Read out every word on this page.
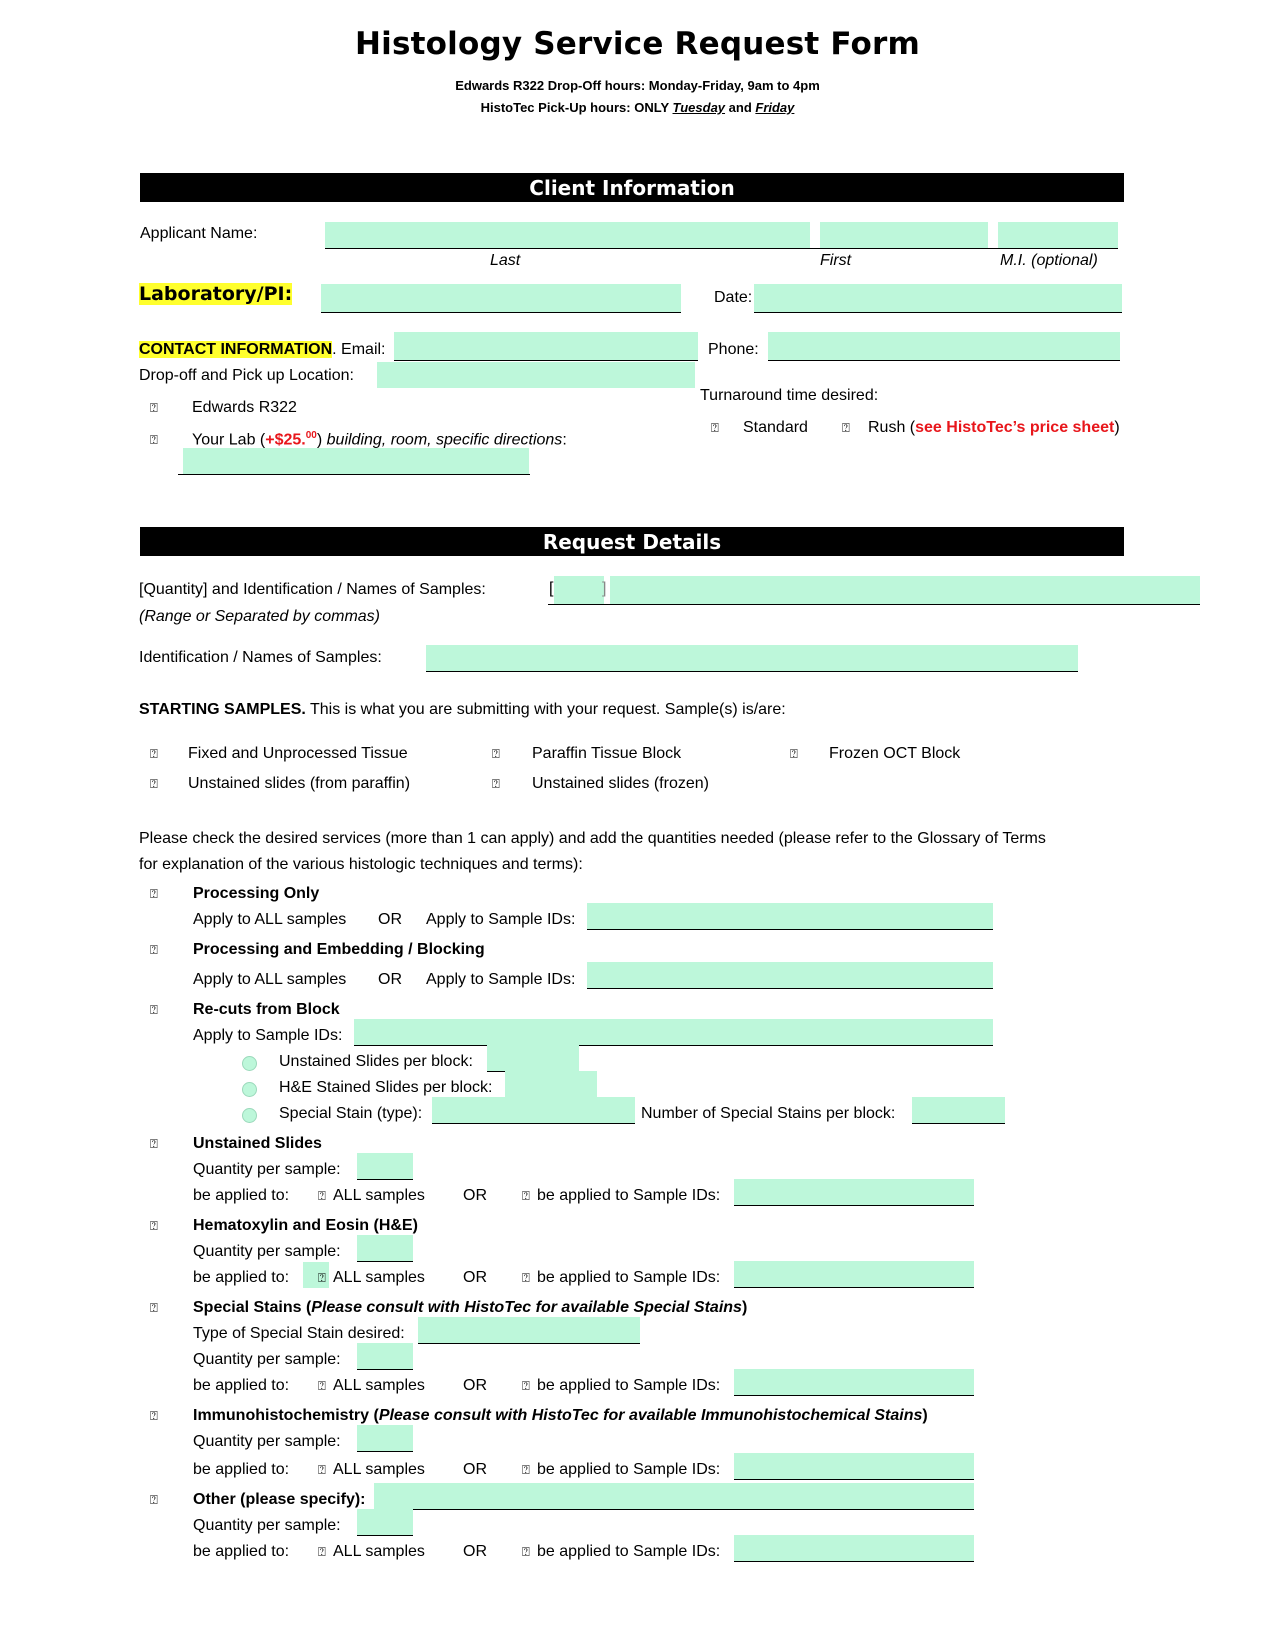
Histology Service Request Form
Edwards R322 Drop-Off hours: Monday-Friday, 9am to 4pm
HistoTec Pick-Up hours: ONLY Tuesday and Friday
Client Information
Applicant Name:
Last	First	M.I. (optional)
Laboratory/PI:	Date:
CONTACT INFORMATION. Email:	Phone:
Drop-off and Pick up Location:
⍰ Edwards R322
⍰ Your Lab (+$25.00) building, room, specific directions:
Turnaround time desired:
⍰ Standard	⍰ Rush (see HistoTec’s price sheet)
Request Details
[Quantity] and Identification / Names of Samples:
(Range or Separated by commas)
[	]
Identification / Names of Samples:
STARTING SAMPLES. This is what you are submitting with your request. Sample(s) is/are:
⍰ Fixed and Unprocessed Tissue	⍰ Paraffin Tissue Block	⍰ Frozen OCT Block
⍰ Unstained slides (from paraffin)	⍰ Unstained slides (frozen)
Please check the desired services (more than 1 can apply) and add the quantities needed (please refer to the Glossary of Terms
for explanation of the various histologic techniques and terms):
⍰ Processing Only
Apply to ALL samples OR Apply to Sample IDs:
⍰ Processing and Embedding / Blocking
Apply to ALL samples OR Apply to Sample IDs:
⍰ Re-cuts from Block
Apply to Sample IDs:
Unstained Slides per block:
H&E Stained Slides per block:
Special Stain (type):	Number of Special Stains per block:
⍰ Unstained Slides
Quantity per sample:
be applied to: ⍰ ALL samples OR	⍰ be applied to Sample IDs:
⍰ Hematoxylin and Eosin (H&E)
Quantity per sample:
be applied to: ⍰ ALL samples OR	⍰ be applied to Sample IDs:
⍰ Special Stains (Please consult with HistoTec for available Special Stains)
Type of Special Stain desired:
Quantity per sample:
be applied to: ⍰ ALL samples OR	⍰ be applied to Sample IDs:
⍰ Immunohistochemistry (Please consult with HistoTec for available Immunohistochemical Stains)
Quantity per sample:
be applied to: ⍰ ALL samples OR	⍰ be applied to Sample IDs:
⍰ Other (please specify):
Quantity per sample:
be applied to: ⍰ ALL samples OR	⍰ be applied to Sample IDs:
